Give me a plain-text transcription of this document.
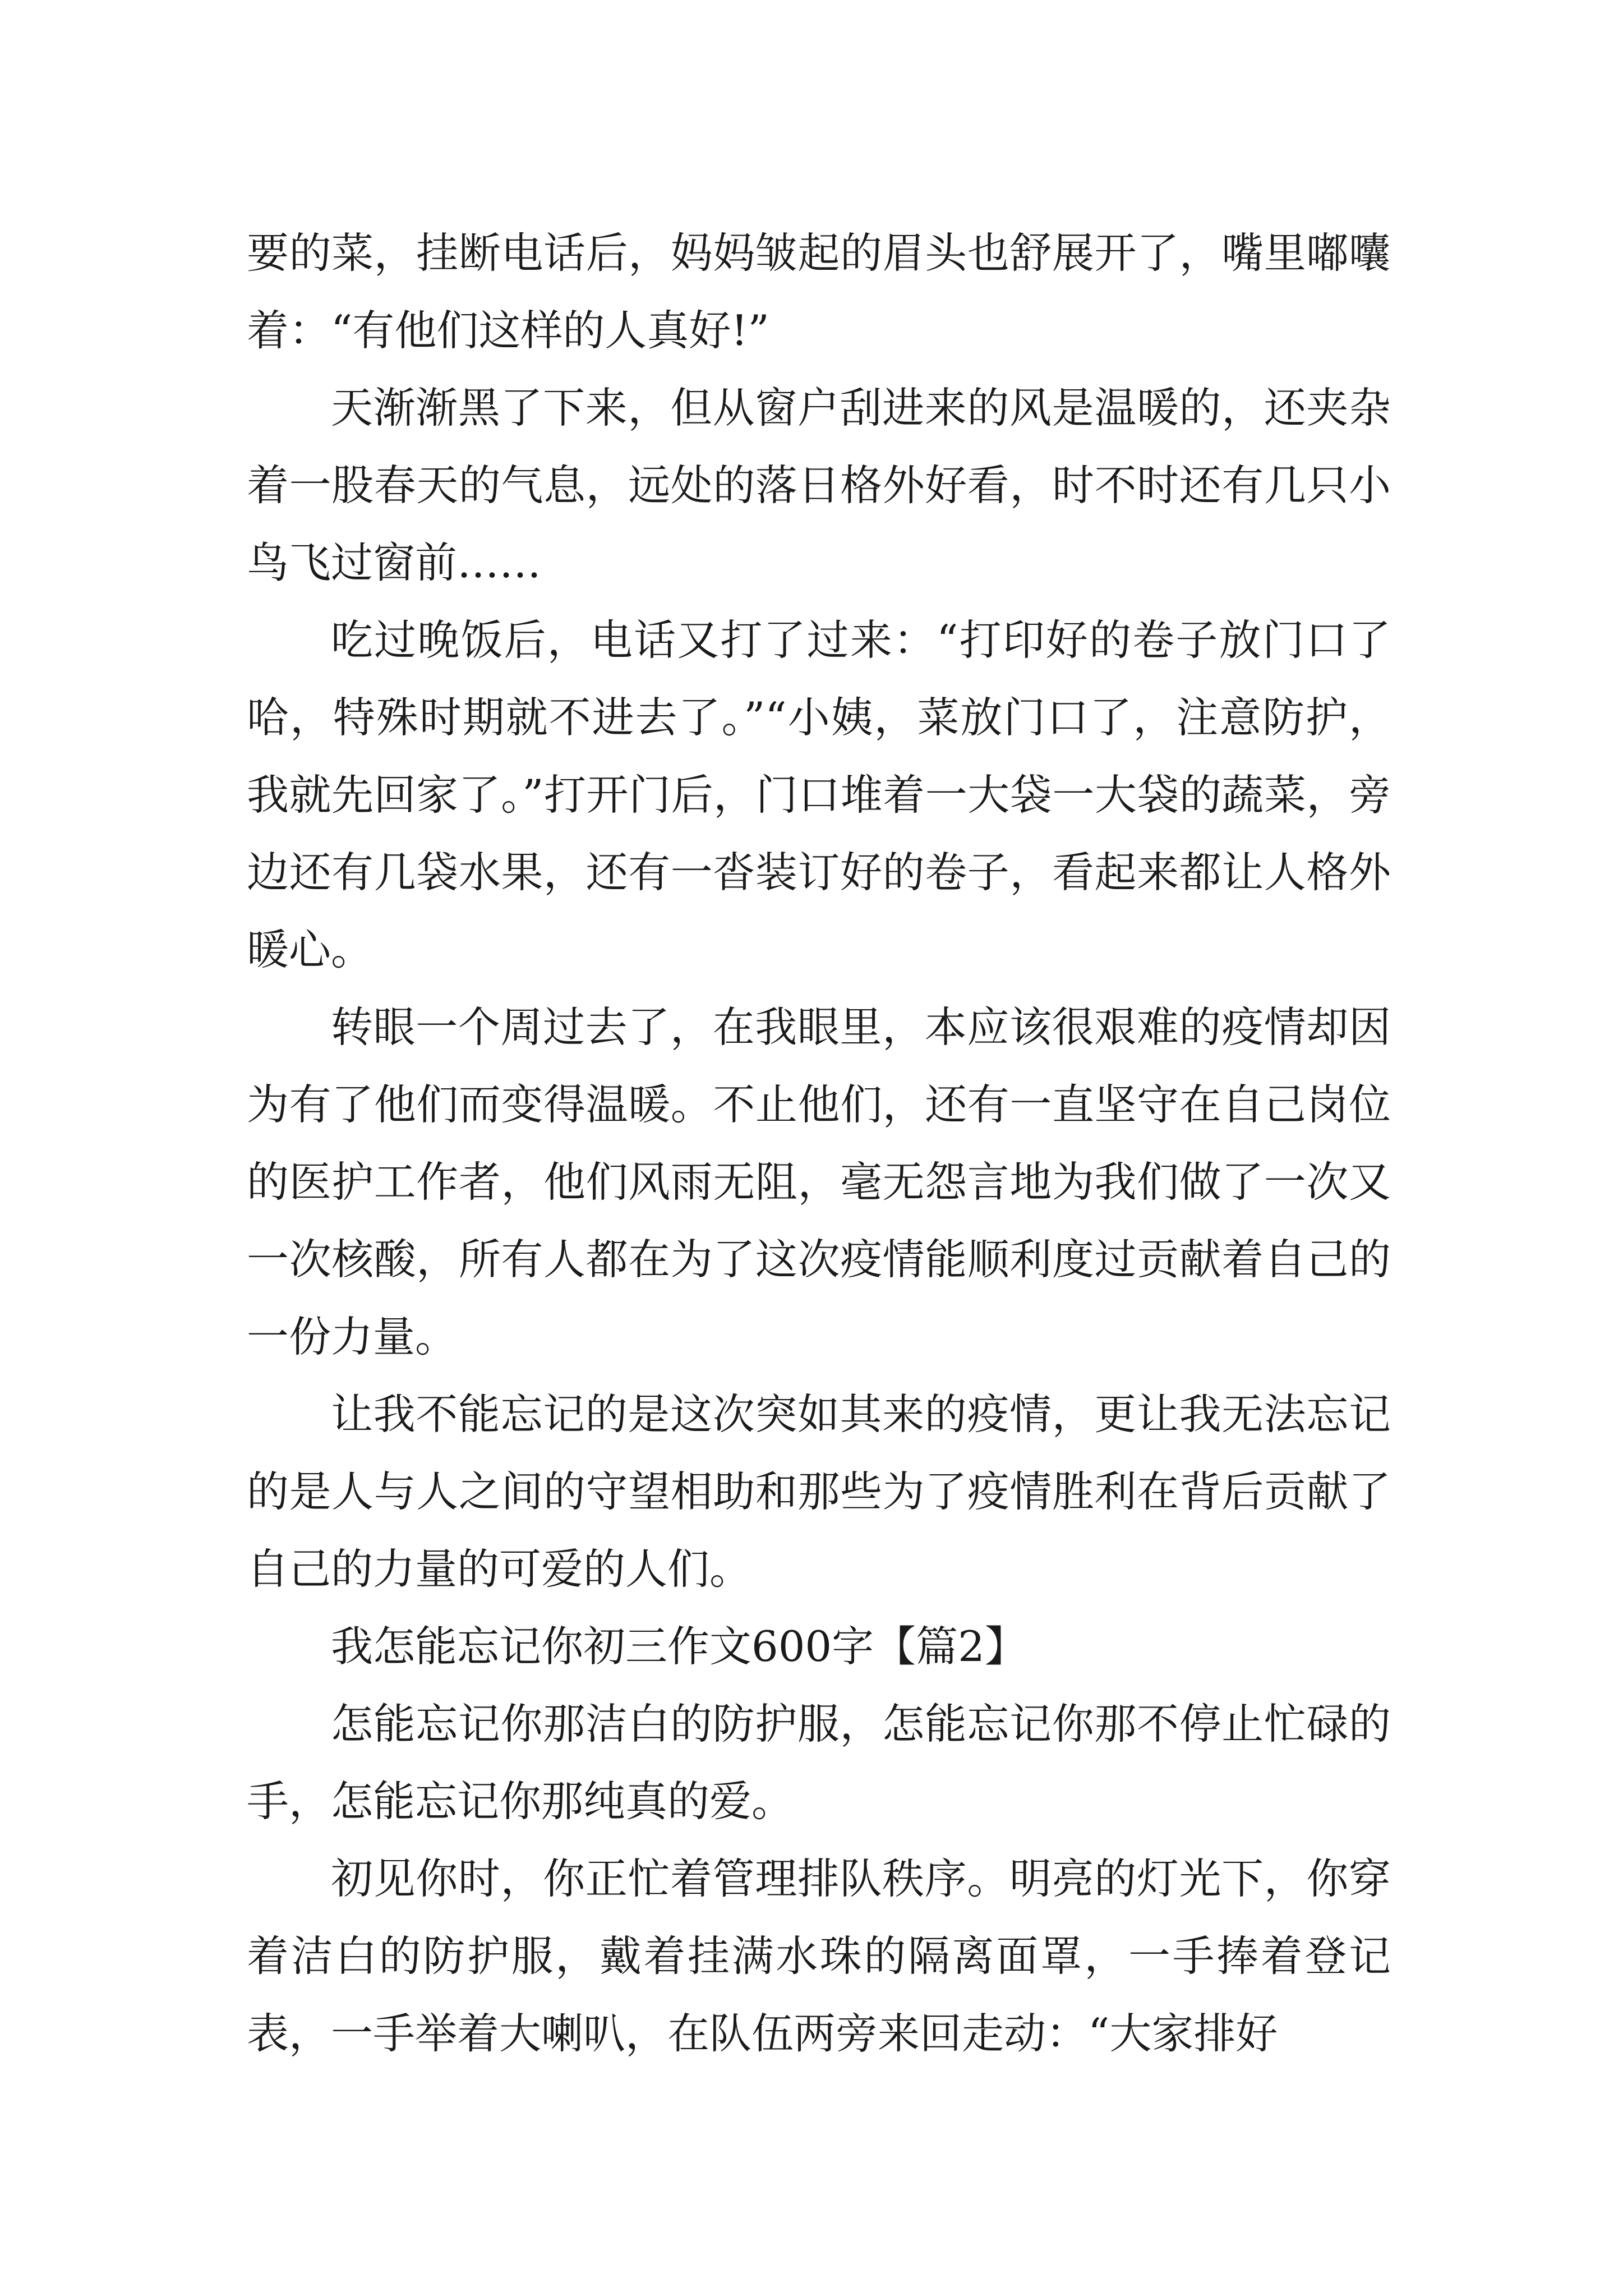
要的菜，挂断电话后，妈妈皱起的眉头也舒展开了，嘴里嘟囔着：“有他们这样的人真好!”

天渐渐黑了下来，但从窗户刮进来的风是温暖的，还夹杂着一股春天的气息，远处的落日格外好看，时不时还有几只小鸟飞过窗前……

吃过晚饭后，电话又打了过来：“打印好的卷子放门口了哈，特殊时期就不进去了。”“小姨，菜放门口了，注意防护，我就先回家了。”打开门后，门口堆着一大袋一大袋的蔬菜，旁边还有几袋水果，还有一沓装订好的卷子，看起来都让人格外暖心。

转眼一个周过去了，在我眼里，本应该很艰难的疫情却因为有了他们而变得温暖。不止他们，还有一直坚守在自己岗位的医护工作者，他们风雨无阻，毫无怨言地为我们做了一次又一次核酸，所有人都在为了这次疫情能顺利度过贡献着自己的一份力量。

让我不能忘记的是这次突如其来的疫情，更让我无法忘记的是人与人之间的守望相助和那些为了疫情胜利在背后贡献了自己的力量的可爱的人们。

我怎能忘记你初三作文600字【篇2】

怎能忘记你那洁白的防护服，怎能忘记你那不停止忙碌的手，怎能忘记你那纯真的爱。

初见你时，你正忙着管理排队秩序。明亮的灯光下，你穿着洁白的防护服，戴着挂满水珠的隔离面罩，一手捧着登记表，一手举着大喇叭，在队伍两旁来回走动：“大家排好
